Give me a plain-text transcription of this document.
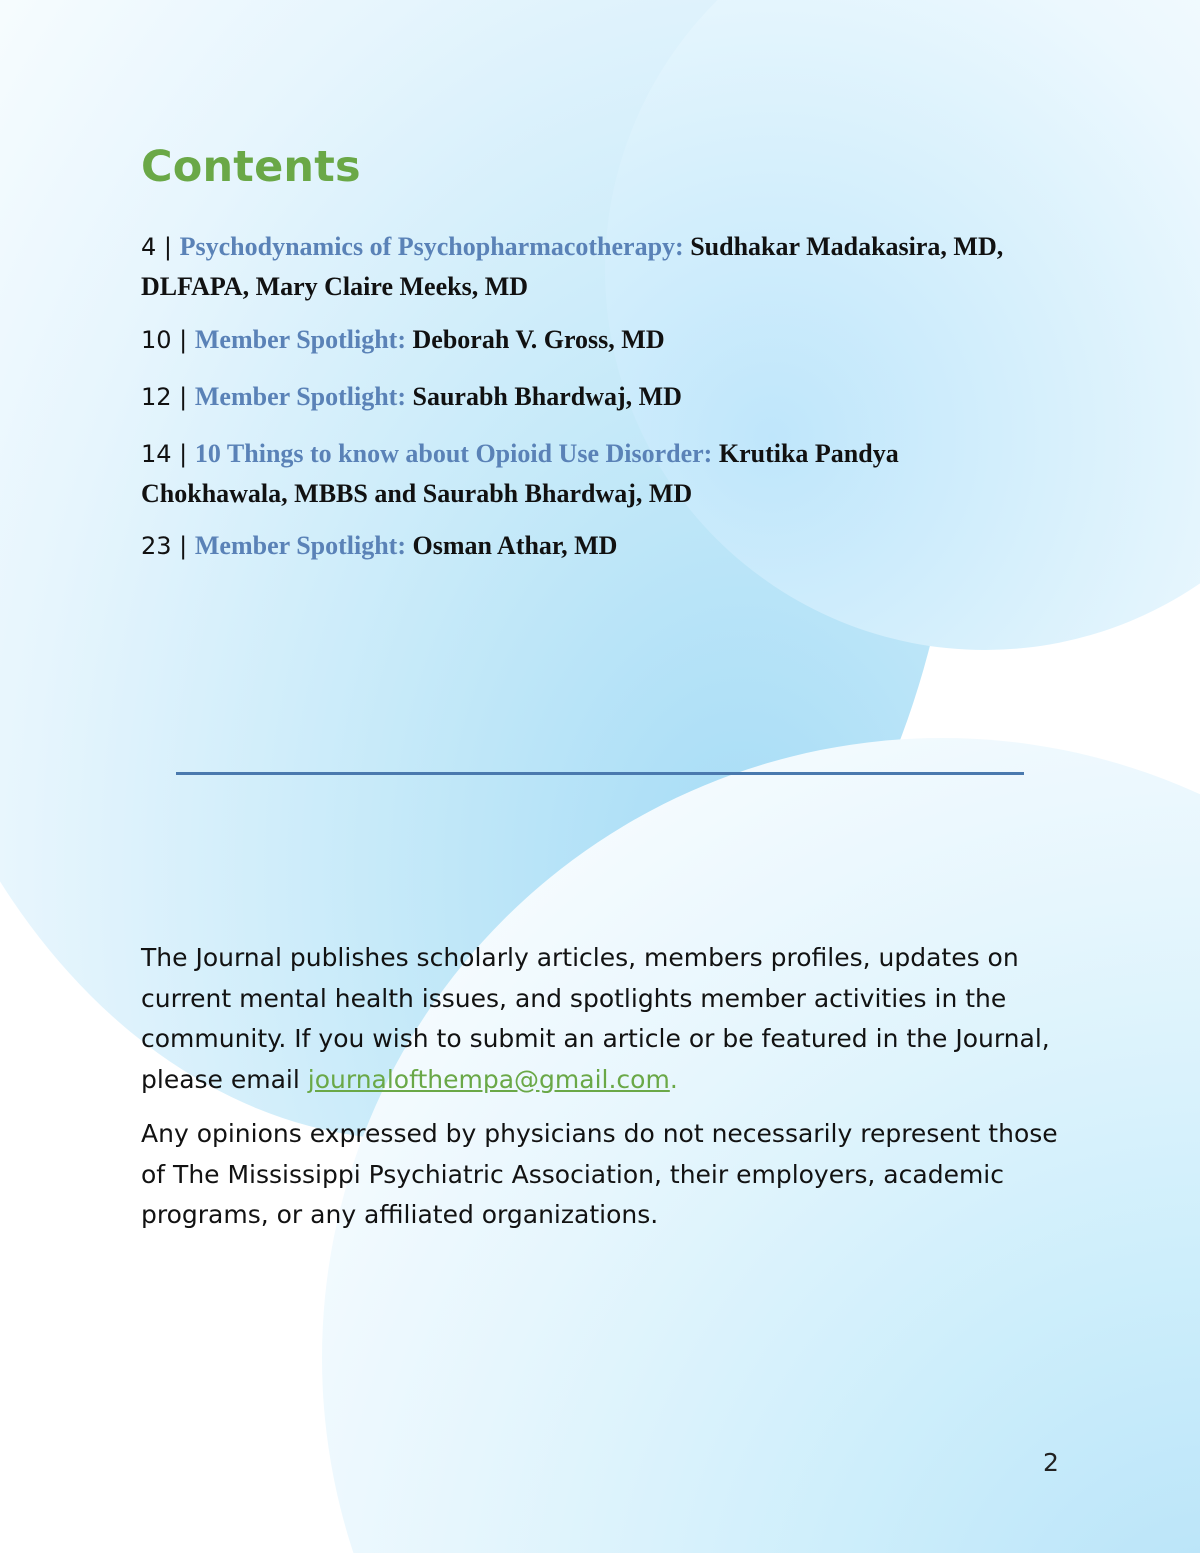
Contents

4 | Psychodynamics of Psychopharmacotherapy: Sudhakar Madakasira, MD, DLFAPA, Mary Claire Meeks, MD

10 | Member Spotlight: Deborah V. Gross, MD

12 | Member Spotlight: Saurabh Bhardwaj, MD

14 | 10 Things to know about Opioid Use Disorder: Krutika Pandya Chokhawala, MBBS and Saurabh Bhardwaj, MD

23 | Member Spotlight: Osman Athar, MD

The Journal publishes scholarly articles, members profiles, updates on current mental health issues, and spotlights member activities in the community. If you wish to submit an article or be featured in the Journal, please email journalofthempa@gmail.com.

Any opinions expressed by physicians do not necessarily represent those of The Mississippi Psychiatric Association, their employers, academic programs, or any affiliated organizations.

2
